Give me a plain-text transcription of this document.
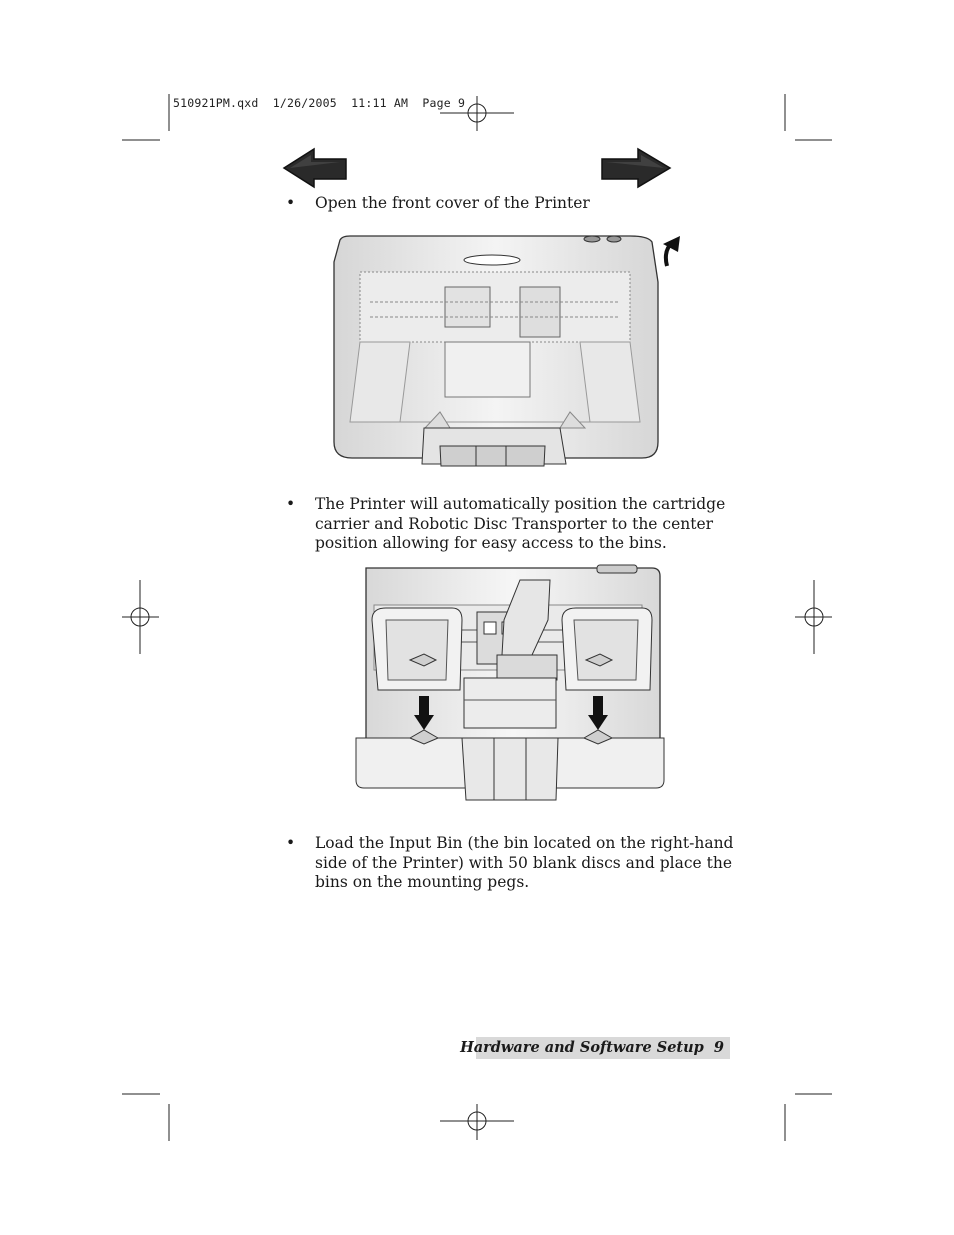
510921PM.qxd  1/26/2005  11:11 AM  Page 9
• Open the front cover of the Printer
• The Printer will automatically position the cartridge carrier and Robotic Disc Transporter to the center position allowing for easy access to the bins.
• Load the Input Bin (the bin located on the right-hand side of the Printer) with 50 blank discs and place the bins on the mounting pegs.
Hardware and Software Setup 9
